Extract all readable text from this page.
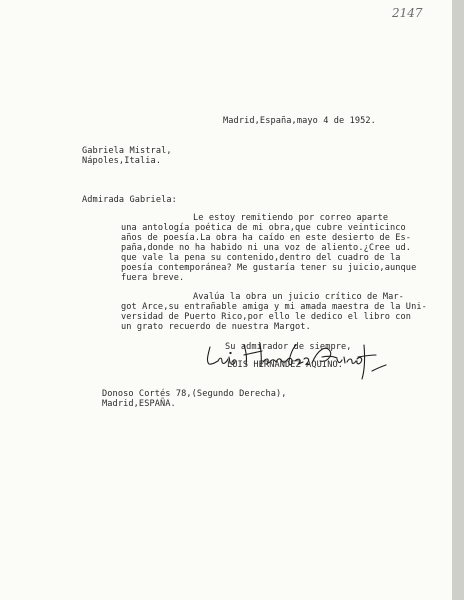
2147

Madrid,España,mayo 4 de 1952.

Gabriela Mistral,

Nápoles,Italia.

Admirada Gabriela:

Le estoy remitiendo por correo aparte

una antología poética de mi obra,que cubre veinticinco

años de poesía.La obra ha caído en este desierto de Es-

paña,donde no ha habido ni una voz de aliento.¿Cree ud.

que vale la pena su contenido,dentro del cuadro de la

poesía contemporánea? Me gustaría tener su juicio,aunque

fuera breve.

Avalúa la obra un juicio crítico de Mar-

got Arce,su entrañable amiga y mi amada maestra de la Uni-

versidad de Puerto Rico,por ello le dedico el libro con

un grato recuerdo de nuestra Margot.

Su admirador de siempre,

LUIS HERNANDEZ AQUINO.

Donoso Cortés 78,(Segundo Derecha),

Madrid,ESPAÑA.
